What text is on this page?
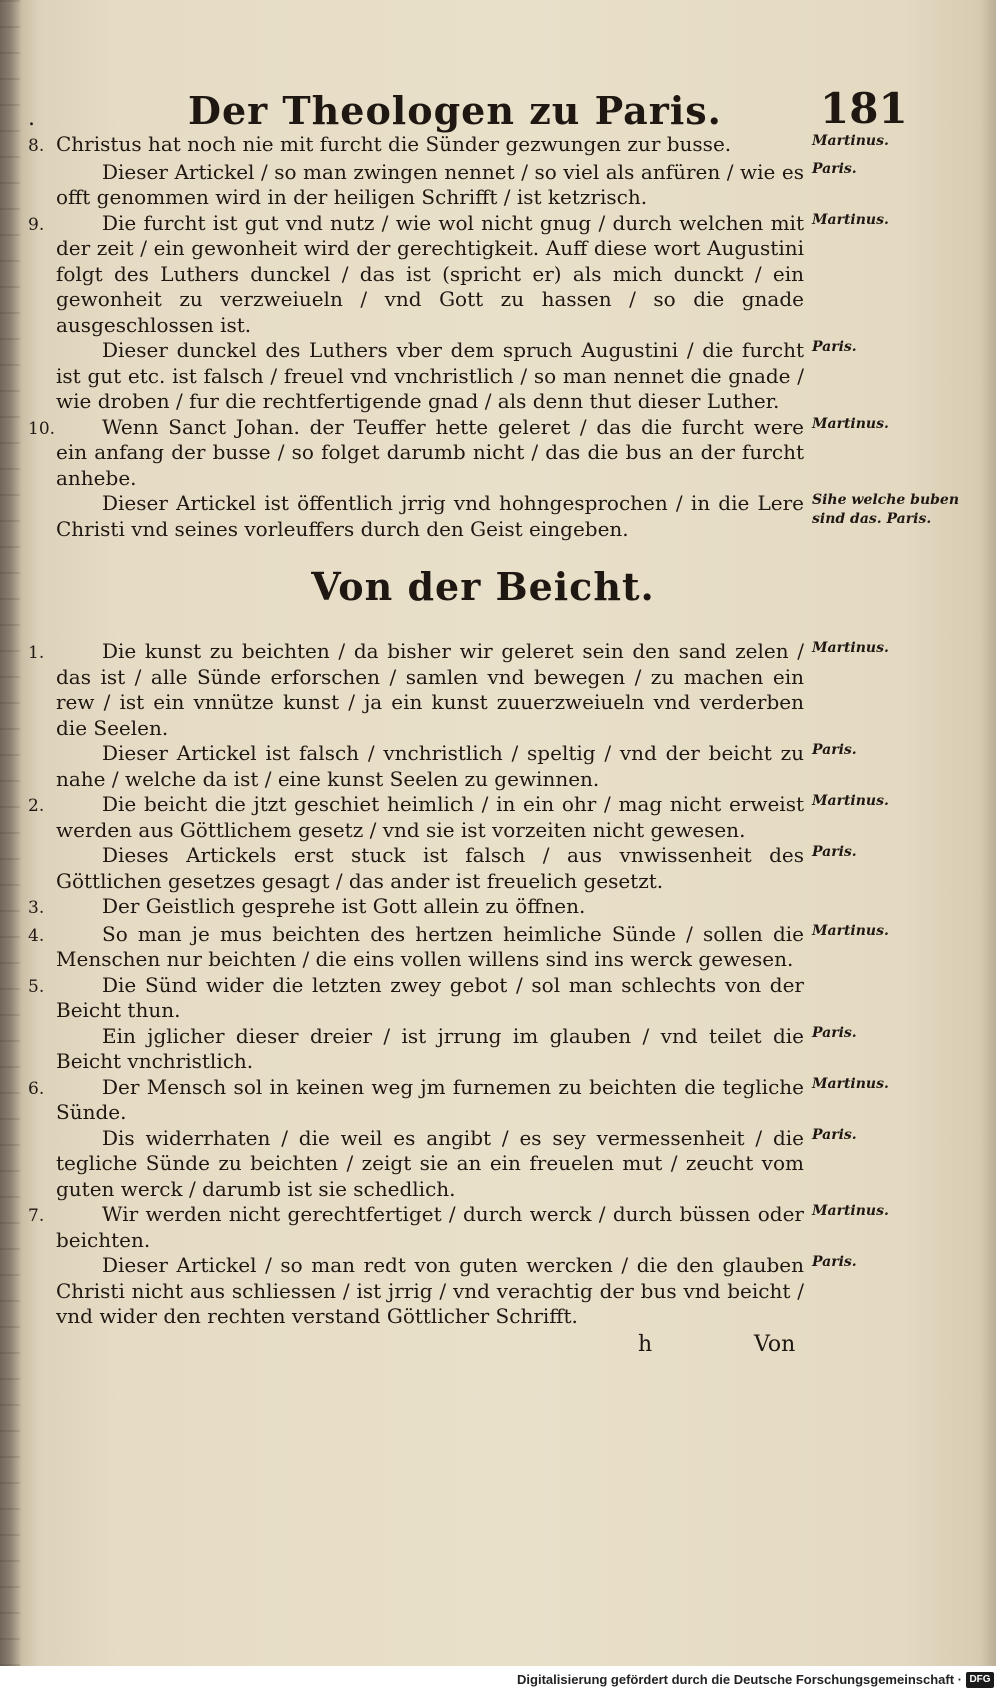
.	Der Theologen zu Paris. 181
8. Christus hat noch nie mit furcht die Sünder gezwungen zur busse.	Martinus.
Dieser Artickel / so man zwingen nennet / so viel als anfüren / wie es offt genommen wird in der heiligen Schrifft / ist ketzrisch.
Paris.
9.	Die furcht ist gut vnd nutz / wie wol nicht gnug / durch welchen mit der zeit / ein gewonheit wird der gerechtigkeit. Auff diese wort Augustini folgt des Luthers dunckel / das ist (spricht er) als mich dunckt / ein gewonheit zu verzweiueln / vnd Gott zu hassen / so die gnade ausgeschlossen ist.
Martinus.
Dieser dunckel des Luthers vber dem spruch Augustini / die furcht ist gut etc. ist falsch / freuel vnd vnchristlich / so man nennet die gnade / wie droben / fur die rechtfertigende gnad / als denn thut dieser Luther.
Paris.
10.	Wenn Sanct Johan. der Teuffer hette geleret / das die furcht were ein anfang der busse / so folget darumb nicht / das die bus an der furcht anhebe.
Martinus.
Dieser Artickel ist öffentlich jrrig vnd hohngesprochen / in die Lere Christi vnd seines vorleuffers durch den Geist eingeben.
Sihe welche buben sind das. Paris.
Von der Beicht.
1.	Die kunst zu beichten / da bisher wir geleret sein den sand zelen / das ist / alle Sünde erforschen / samlen vnd bewegen / zu machen ein rew / ist ein vnnütze kunst / ja ein kunst zuuerzweiueln vnd verderben die Seelen.
Martinus.
Dieser Artickel ist falsch / vnchristlich / speltig / vnd der beicht zu nahe / welche da ist / eine kunst Seelen zu gewinnen.
Paris.
2.	Die beicht die jtzt geschiet heimlich / in ein ohr / mag nicht erweist werden aus Göttlichem gesetz / vnd sie ist vorzeiten nicht gewesen.
Martinus.
Dieses Artickels erst stuck ist falsch / aus vnwissenheit des Göttlichen gesetzes gesagt / das ander ist freuelich gesetzt.
Paris.
3.	Der Geistlich gesprehe ist Gott allein zu öffnen.
4.	So man je mus beichten des hertzen heimliche Sünde / sollen die Menschen nur beichten / die eins vollen willens sind ins werck gewesen.
Martinus.
5.	Die Sünd wider die letzten zwey gebot / sol man schlechts von der Beicht thun.
Ein jglicher dieser dreier / ist jrrung im glauben / vnd teilet die Beicht vnchristlich.
Paris.
6.	Der Mensch sol in keinen weg jm furnemen zu beichten die tegliche Sünde.
Martinus.
Dis widerrhaten / die weil es angibt / es sey vermessenheit / die tegliche Sünde zu beichten / zeigt sie an ein freuelen mut / zeucht vom guten werck / darumb ist sie schedlich.
Paris.
7.	Wir werden nicht gerechtfertiget / durch werck / durch büssen oder beichten.
Martinus.
Dieser Artickel / so man redt von guten wercken / die den glauben Christi nicht aus schliessen / ist jrrig / vnd verachtig der bus vnd beicht / vnd wider den rechten verstand Göttlicher Schrifft.
Paris.
h	Von
Digitalisierung gefördert durch die Deutsche Forschungsgemeinschaft · DFG
